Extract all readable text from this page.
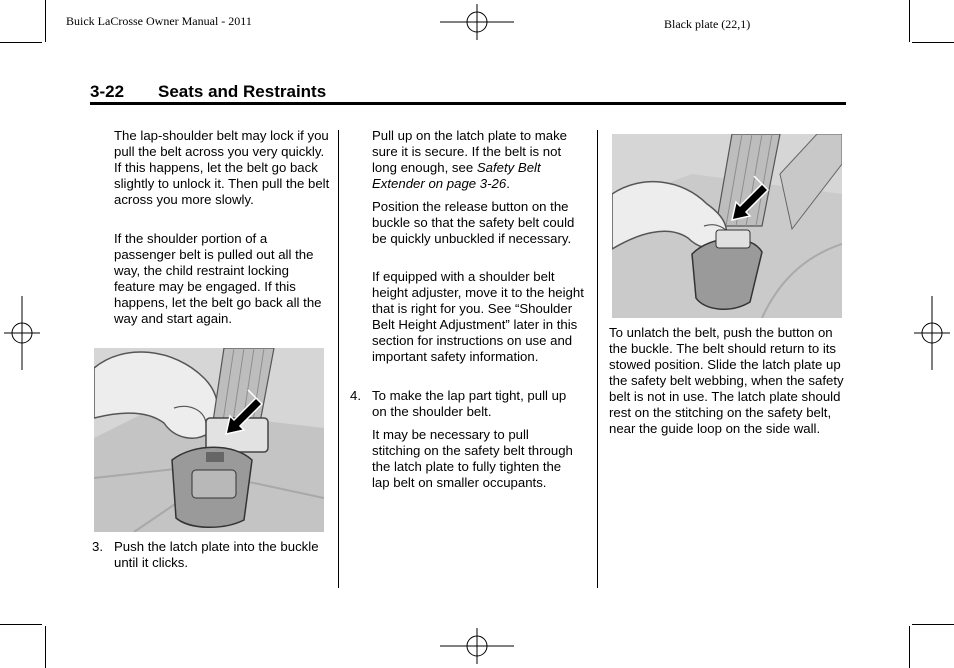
Buick LaCrosse Owner Manual - 2011	Black plate (22,1)
3-22 Seats and Restraints
The lap-shoulder belt may lock if you pull the belt across you very quickly. If this happens, let the belt go back slightly to unlock it. Then pull the belt across you more slowly.
If the shoulder portion of a passenger belt is pulled out all the way, the child restraint locking feature may be engaged. If this happens, let the belt go back all the way and start again.
3. Push the latch plate into the buckle until it clicks.
Pull up on the latch plate to make sure it is secure. If the belt is not long enough, see Safety Belt Extender on page 3-26.
Position the release button on the buckle so that the safety belt could be quickly unbuckled if necessary.
If equipped with a shoulder belt height adjuster, move it to the height that is right for you. See “Shoulder Belt Height Adjustment” later in this section for instructions on use and important safety information.
4. To make the lap part tight, pull up on the shoulder belt.
It may be necessary to pull stitching on the safety belt through the latch plate to fully tighten the lap belt on smaller occupants.
To unlatch the belt, push the button on the buckle. The belt should return to its stowed position. Slide the latch plate up the safety belt webbing, when the safety belt is not in use. The latch plate should rest on the stitching on the safety belt, near the guide loop on the side wall.
